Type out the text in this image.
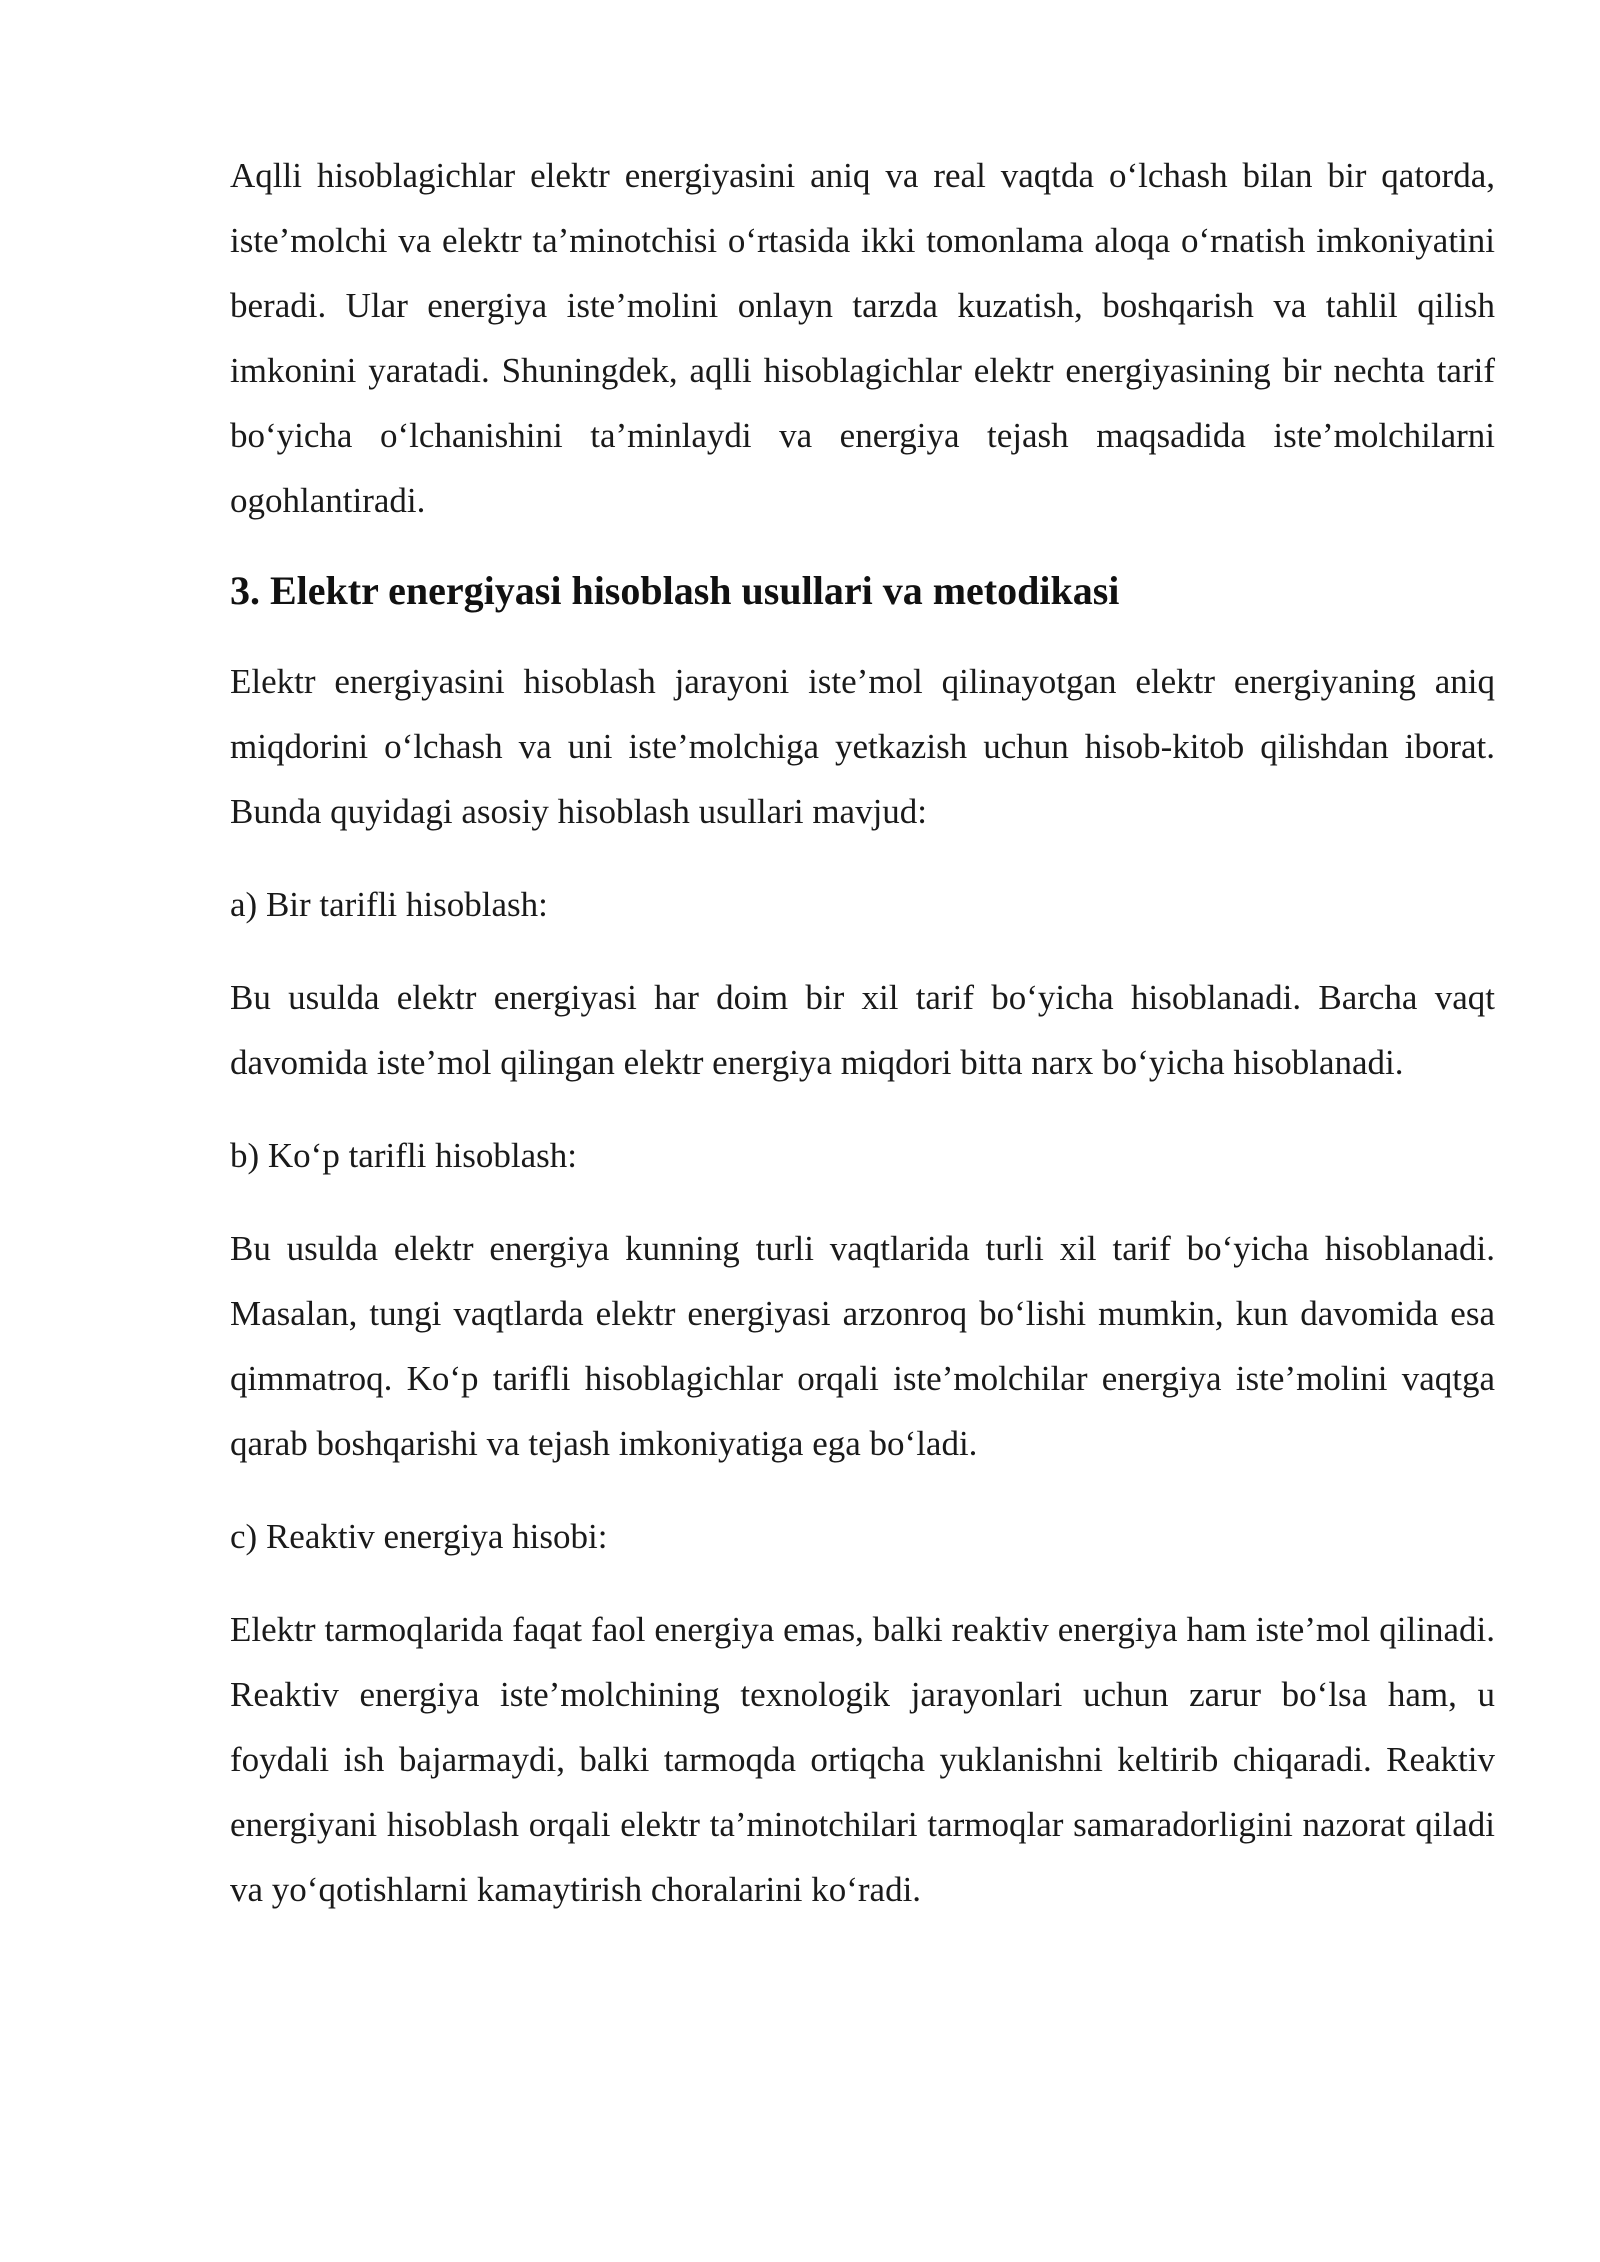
Aqlli hisoblagichlar elektr energiyasini aniq va real vaqtda o‘lchash bilan bir qatorda, iste’molchi va elektr ta’minotchisi o‘rtasida ikki tomonlama aloqa o‘rnatish imkoniyatini beradi. Ular energiya iste’molini onlayn tarzda kuzatish, boshqarish va tahlil qilish imkonini yaratadi. Shuningdek, aqlli hisoblagichlar elektr energiyasining bir nechta tarif bo‘yicha o‘lchanishini ta’minlaydi va energiya tejash maqsadida iste’molchilarni ogohlantiradi.

3. Elektr energiyasi hisoblash usullari va metodikasi

Elektr energiyasini hisoblash jarayoni iste’mol qilinayotgan elektr energiyaning aniq miqdorini o‘lchash va uni iste’molchiga yetkazish uchun hisob-kitob qilishdan iborat. Bunda quyidagi asosiy hisoblash usullari mavjud:

a) Bir tarifli hisoblash:

Bu usulda elektr energiyasi har doim bir xil tarif bo‘yicha hisoblanadi. Barcha vaqt davomida iste’mol qilingan elektr energiya miqdori bitta narx bo‘yicha hisoblanadi.

b) Ko‘p tarifli hisoblash:

Bu usulda elektr energiya kunning turli vaqtlarida turli xil tarif bo‘yicha hisoblanadi. Masalan, tungi vaqtlarda elektr energiyasi arzonroq bo‘lishi mumkin, kun davomida esa qimmatroq. Ko‘p tarifli hisoblagichlar orqali iste’molchilar energiya iste’molini vaqtga qarab boshqarishi va tejash imkoniyatiga ega bo‘ladi.

c) Reaktiv energiya hisobi:

Elektr tarmoqlarida faqat faol energiya emas, balki reaktiv energiya ham iste’mol qilinadi. Reaktiv energiya iste’molchining texnologik jarayonlari uchun zarur bo‘lsa ham, u foydali ish bajarmaydi, balki tarmoqda ortiqcha yuklanishni keltirib chiqaradi. Reaktiv energiyani hisoblash orqali elektr ta’minotchilari tarmoqlar samaradorligini nazorat qiladi va yo‘qotishlarni kamaytirish choralarini ko‘radi.
